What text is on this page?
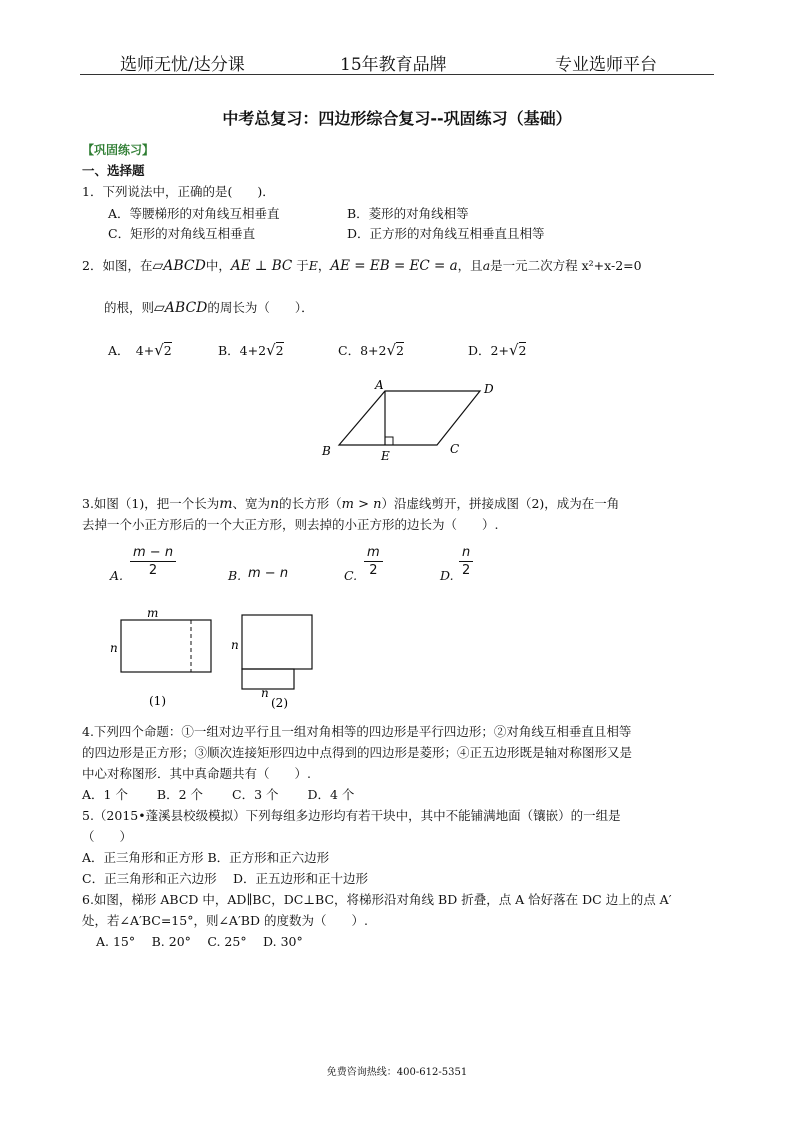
选师无忧/达分课	15年教育品牌	专业选师平台
中考总复习：四边形综合复习--巩固练习（基础）
【巩固练习】
一、选择题
1．下列说法中，正确的是(　　)．
A．等腰梯形的对角线互相垂直	B．菱形的对角线相等
C．矩形的对角线互相垂直	D．正方形的对角线互相垂直且相等
2．如图，在▱ABCD中，AE ⊥ BC 于E，AE = EB = EC = a，且a是一元二次方程 x²+x-2=0
的根，则▱ABCD的周长为（　　）．
A．　4+√2	B．4+2√2	C．8+2√2	D．2+√2
A	D
B	E	C
3.如图（1)，把一个长为m、宽为n的长方形（m > n）沿虚线剪开，拼接成图（2)，成为在一角
去掉一个小正方形后的一个大正方形，则去掉的小正方形的边长为（　　）.
A. $\frac{m - n}{2}$	B. m − n	C. $\frac{m}{2}$	D. $\frac{n}{2}$
m
n
(1)
n
n
(2)
4.下列四个命题：①一组对边平行且一组对角相等的四边形是平行四边形；②对角线互相垂直且相等
的四边形是正方形；③顺次连接矩形四边中点得到的四边形是菱形；④正五边形既是轴对称图形又是
中心对称图形．其中真命题共有（　　）.
A．1 个　　 B．2 个　　 C．3 个　　 D．4 个
5.（2015•蓬溪县校级模拟）下列每组多边形均有若干块中，其中不能铺满地面（镶嵌）的一组是
（　　）
A．正三角形和正方形 B．正方形和正六边形
C．正三角形和正六边形　 D．正五边形和正十边形
6.如图，梯形 ABCD 中，AD∥BC，DC⊥BC，将梯形沿对角线 BD 折叠，点 A 恰好落在 DC 边上的点 A′
处，若∠A′BC=15°，则∠A′BD 的度数为（　　）.
A. 15°　 B. 20°　 C. 25°　 D. 30°
免费咨询热线：400-612-5351
